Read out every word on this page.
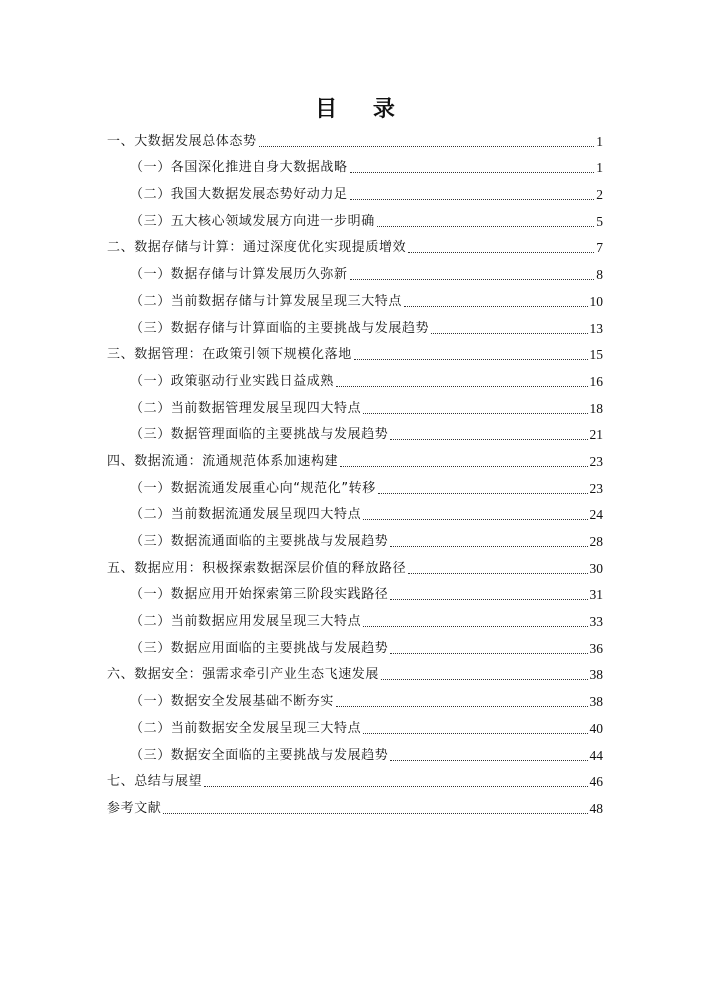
目 录
一、大数据发展总体态势	1
（一）各国深化推进自身大数据战略	1
（二）我国大数据发展态势好动力足	2
（三）五大核心领域发展方向进一步明确	5
二、数据存储与计算：通过深度优化实现提质增效	7
（一）数据存储与计算发展历久弥新	8
（二）当前数据存储与计算发展呈现三大特点	10
（三）数据存储与计算面临的主要挑战与发展趋势	13
三、数据管理：在政策引领下规模化落地	15
（一）政策驱动行业实践日益成熟	16
（二）当前数据管理发展呈现四大特点	18
（三）数据管理面临的主要挑战与发展趋势	21
四、数据流通：流通规范体系加速构建	23
（一）数据流通发展重心向“规范化”转移	23
（二）当前数据流通发展呈现四大特点	24
（三）数据流通面临的主要挑战与发展趋势	28
五、数据应用：积极探索数据深层价值的释放路径	30
（一）数据应用开始探索第三阶段实践路径	31
（二）当前数据应用发展呈现三大特点	33
（三）数据应用面临的主要挑战与发展趋势	36
六、数据安全：强需求牵引产业生态飞速发展	38
（一）数据安全发展基础不断夯实	38
（二）当前数据安全发展呈现三大特点	40
（三）数据安全面临的主要挑战与发展趋势	44
七、总结与展望	46
参考文献	48
